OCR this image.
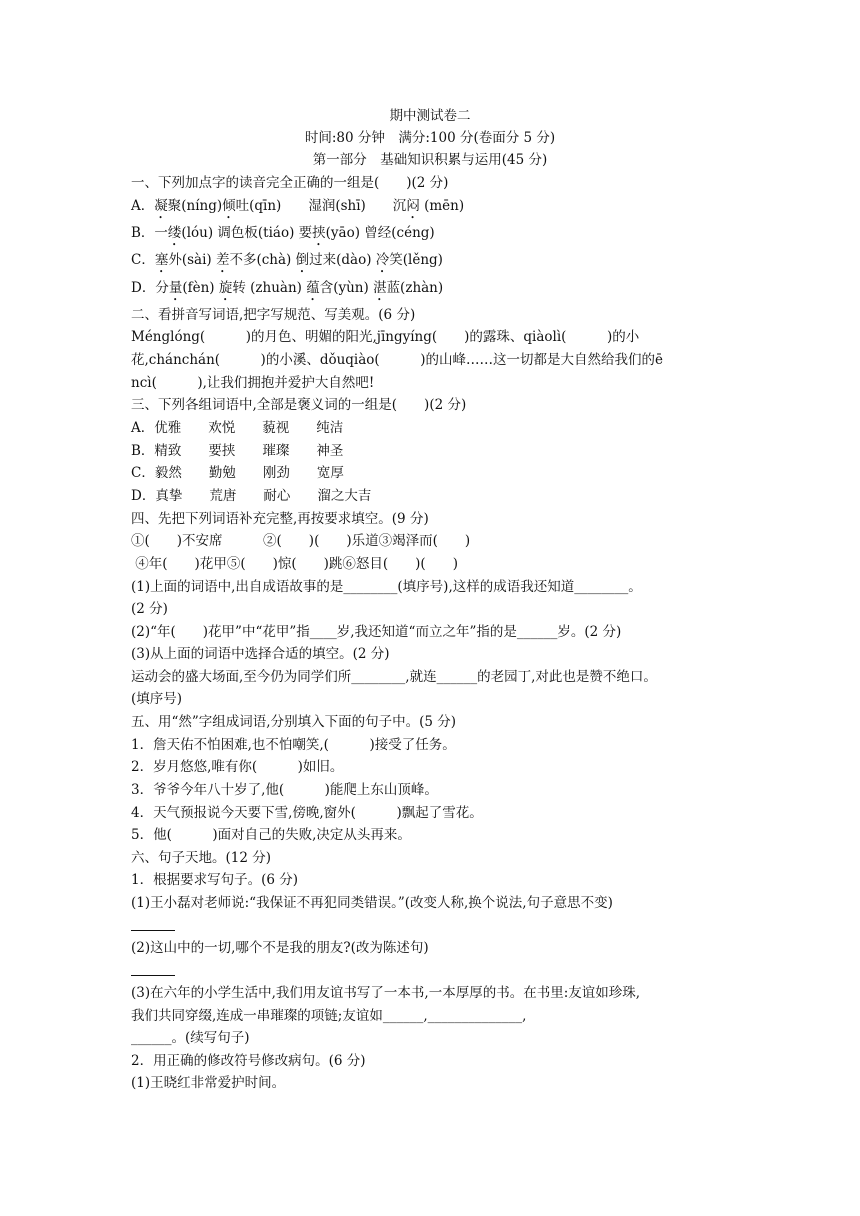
期中测试卷二
时间:80 分钟　满分:100 分(卷面分 5 分)
第一部分　基础知识积累与运用(45 分)
一、下列加点字的读音完全正确的一组是(　　)(2 分)
A．凝聚(níng)倾吐(qīn)　　湿润(shī)　　沉闷 (mēn)
B．一缕(lóu) 调色板(tiáo) 要挟(yāo) 曾经(céng)
C．塞外(sài) 差不多(chà) 倒过来(dào) 冷笑(lěng)
D．分量(fèn) 旋转 (zhuàn) 蕴含(yùn) 湛蓝(zhàn)
二、看拼音写词语,把字写规范、写美观。(6 分)
Ménglóng(　　　)的月色、明媚的阳光,jīngyíng(　　)的露珠、qiàolì(　　　)的小
花,chánchán(　　　)的小溪、dǒuqiào(　　　)的山峰……这一切都是大自然给我们的ē
ncì(　　　),让我们拥抱并爱护大自然吧!
三、下列各组词语中,全部是褒义词的一组是(　　)(2 分)
A．优雅　　欢悦　　藐视　　纯洁
B．精致　　要挟　　璀璨　　神圣
C．毅然　　勤勉　　刚劲　　宽厚
D．真挚　　荒唐　　耐心　　溜之大吉
四、先把下列词语补充完整,再按要求填空。(9 分)
①(　　)不安席　　　②(　　)(　　)乐道③竭泽而(　　)
④年(　　)花甲⑤(　　)惊(　　)跳⑥怒目(　　)(　　)
(1)上面的词语中,出自成语故事的是________(填序号),这样的成语我还知道________。
(2 分)
(2)“年(　　)花甲”中“花甲”指____岁,我还知道“而立之年”指的是______岁。(2 分)
(3)从上面的词语中选择合适的填空。(2 分)
运动会的盛大场面,至今仍为同学们所________,就连______的老园丁,对此也是赞不绝口。
(填序号)
五、用“然”字组成词语,分别填入下面的句子中。(5 分)
1．詹天佑不怕困难,也不怕嘲笑,(　　　)接受了任务。
2．岁月悠悠,唯有你(　　　)如旧。
3．爷爷今年八十岁了,他(　　　)能爬上东山顶峰。
4．天气预报说今天要下雪,傍晚,窗外(　　　)飘起了雪花。
5．他(　　　)面对自己的失败,决定从头再来。
六、句子天地。(12 分)
1．根据要求写句子。(6 分)
(1)王小磊对老师说:“我保证不再犯同类错误。”(改变人称,换个说法,句子意思不变)
(2)这山中的一切,哪个不是我的朋友?(改为陈述句)
(3)在六年的小学生活中,我们用友谊书写了一本书,一本厚厚的书。在书里:友谊如珍珠,
我们共同穿缀,连成一串璀璨的项链;友谊如______,______________,
______。(续写句子)
2．用正确的修改符号修改病句。(6 分)
(1)王晓红非常爱护时间。
